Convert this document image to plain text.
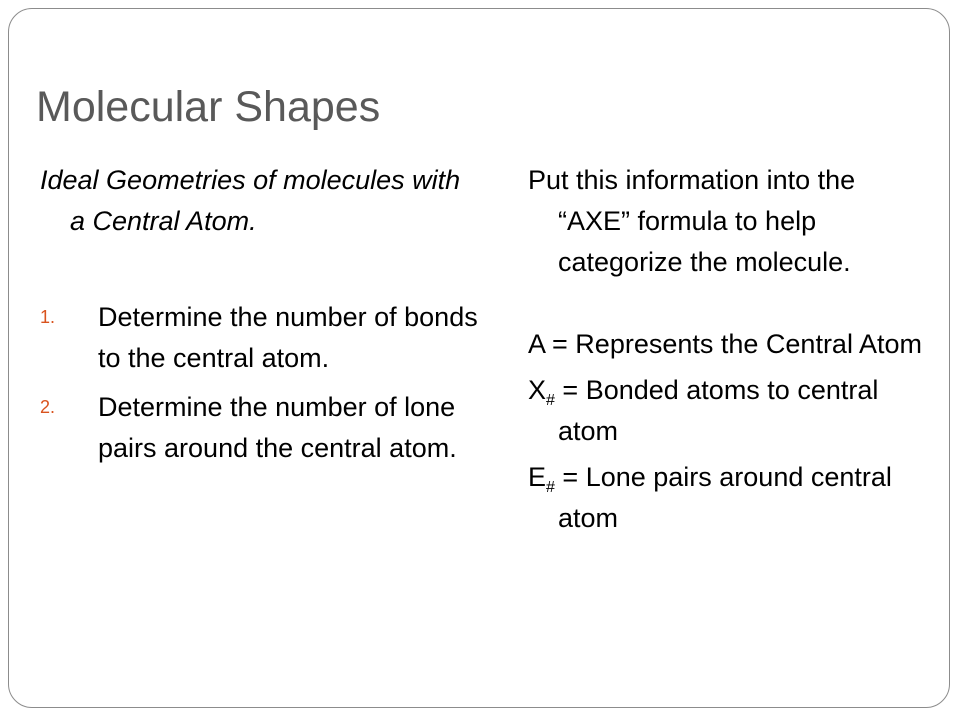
Molecular Shapes

Ideal Geometries of molecules with a Central Atom.

1.	Determine the number of bonds to the central atom.
2.	Determine the number of lone pairs around the central atom.

Put this information into the “AXE” formula to help categorize the molecule.

A = Represents the Central Atom

$X_{\#}$ = Bonded atoms to central atom

$E_{\#}$ = Lone pairs around central atom
